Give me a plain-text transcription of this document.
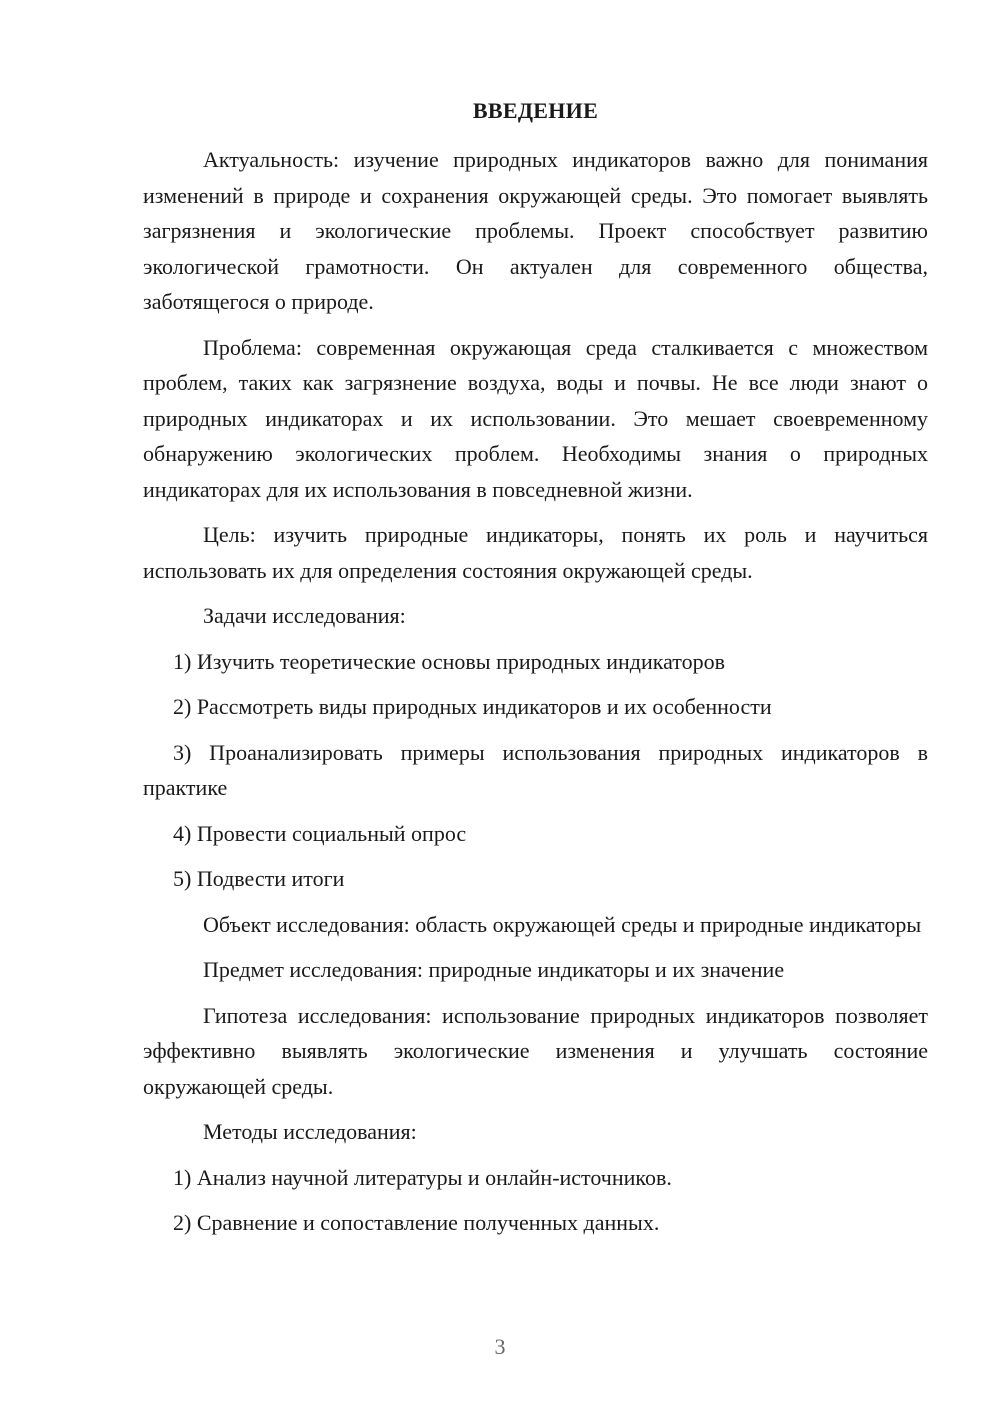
ВВЕДЕНИЕ

Актуальность: изучение природных индикаторов важно для понимания изменений в природе и сохранения окружающей среды. Это помогает выявлять загрязнения и экологические проблемы. Проект способствует развитию экологической грамотности. Он актуален для современного общества, заботящегося о природе.

Проблема: современная окружающая среда сталкивается с множеством проблем, таких как загрязнение воздуха, воды и почвы. Не все люди знают о природных индикаторах и их использовании. Это мешает своевременному обнаружению экологических проблем. Необходимы знания о природных индикаторах для их использования в повседневной жизни.

Цель: изучить природные индикаторы, понять их роль и научиться использовать их для определения состояния окружающей среды.

Задачи исследования:

1) Изучить теоретические основы природных индикаторов

2) Рассмотреть виды природных индикаторов и их особенности

3) Проанализировать примеры использования природных индикаторов в практике

4) Провести социальный опрос

5) Подвести итоги

Объект исследования: область окружающей среды и природные индикаторы

Предмет исследования: природные индикаторы и их значение

Гипотеза исследования: использование природных индикаторов позволяет эффективно выявлять экологические изменения и улучшать состояние окружающей среды.

Методы исследования:

1) Анализ научной литературы и онлайн-источников.

2) Сравнение и сопоставление полученных данных.

3
